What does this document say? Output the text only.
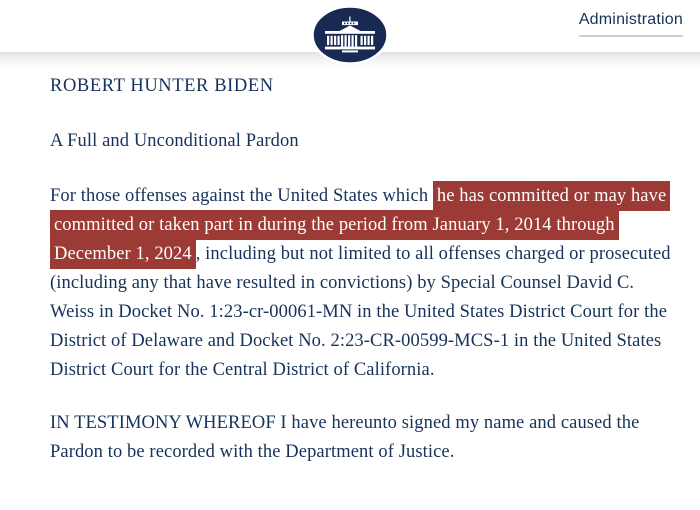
Administration

ROBERT HUNTER BIDEN

A Full and Unconditional Pardon

For those offenses against the United States which he has committed or may have committed or taken part in during the period from January 1, 2014 through December 1, 2024 , including but not limited to all offenses charged or prosecuted (including any that have resulted in convictions) by Special Counsel David C. Weiss in Docket No. 1:23-cr-00061-MN in the United States District Court for the District of Delaware and Docket No. 2:23-CR-00599-MCS-1 in the United States District Court for the Central District of California.

IN TESTIMONY WHEREOF I have hereunto signed my name and caused the Pardon to be recorded with the Department of Justice.
